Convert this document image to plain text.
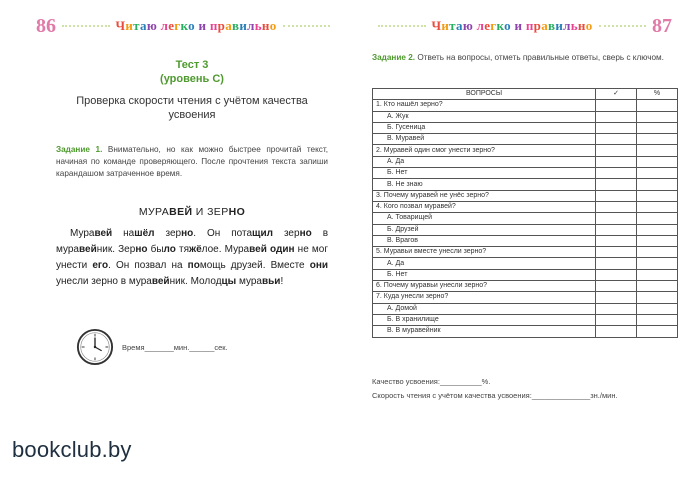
86	Читаю легко и правильно
Тест 3
(уровень С)
Проверка скорости чтения с учётом качества усвоения
Задание 1. Внимательно, но как можно быстрее прочитай текст, начиная по команде проверяющего. После прочтения текста запиши карандашом затраченное время.
МУРАВЕЙ И ЗЕРНО
Муравей нашёл зерно. Он потащил зерно в муравейник. Зерно было тяжёлое. Муравей один не мог унести его. Он позвал на помощь друзей. Вместе они унесли зерно в муравейник. Молодцы муравьи!
Время_______мин.______сек.
Читаю легко и правильно	87
Задание 2. Ответь на вопросы, отметь правильные ответы, сверь с ключом.
ВОПРОСЫ	✓	%
1. Кто нашёл зерно?		
А. Жук		
Б. Гусеница		
В. Муравей		
2. Муравей один смог унести зерно?		
А. Да		
Б. Нет		
В. Не знаю		
3. Почему муравей не унёс зерно?		
4. Кого позвал муравей?		
А. Товарищей		
Б. Друзей		
В. Врагов		
5. Муравьи вместе унесли зерно?		
А. Да		
Б. Нет		
6. Почему муравьи унесли зерно?		
7. Куда унесли зерно?		
А. Домой		
Б. В хранилище		
В. В муравейник		
Качество усвоения:__________%.
Скорость чтения с учётом качества усвоения:______________зн./мин.
bookclub.by
